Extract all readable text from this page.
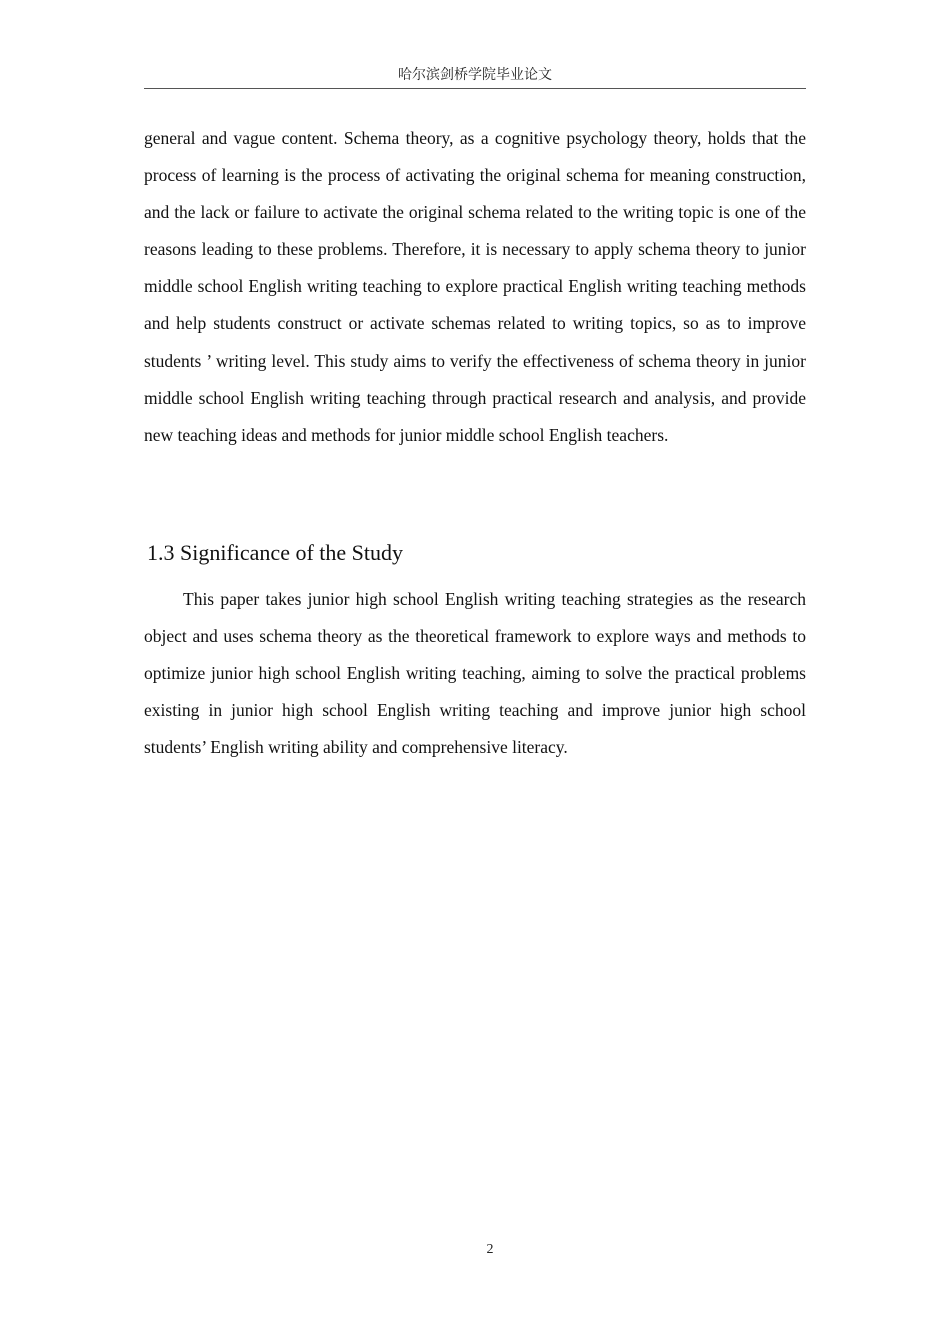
哈尔滨剑桥学院毕业论文

general and vague content. Schema theory, as a cognitive psychology theory, holds that the process of learning is the process of activating the original schema for meaning construction, and the lack or failure to activate the original schema related to the writing topic is one of the reasons leading to these problems. Therefore, it is necessary to apply schema theory to junior middle school English writing teaching to explore practical English writing teaching methods and help students construct or activate schemas related to writing topics, so as to improve students ’ writing level. This study aims to verify the effectiveness of schema theory in junior middle school English writing teaching through practical research and analysis, and provide new teaching ideas and methods for junior middle school English teachers.

1.3 Significance of the Study

This paper takes junior high school English writing teaching strategies as the research object and uses schema theory as the theoretical framework to explore ways and methods to optimize junior high school English writing teaching, aiming to solve the practical problems existing in junior high school English writing teaching and improve junior high school students’ English writing ability and comprehensive literacy.

2
